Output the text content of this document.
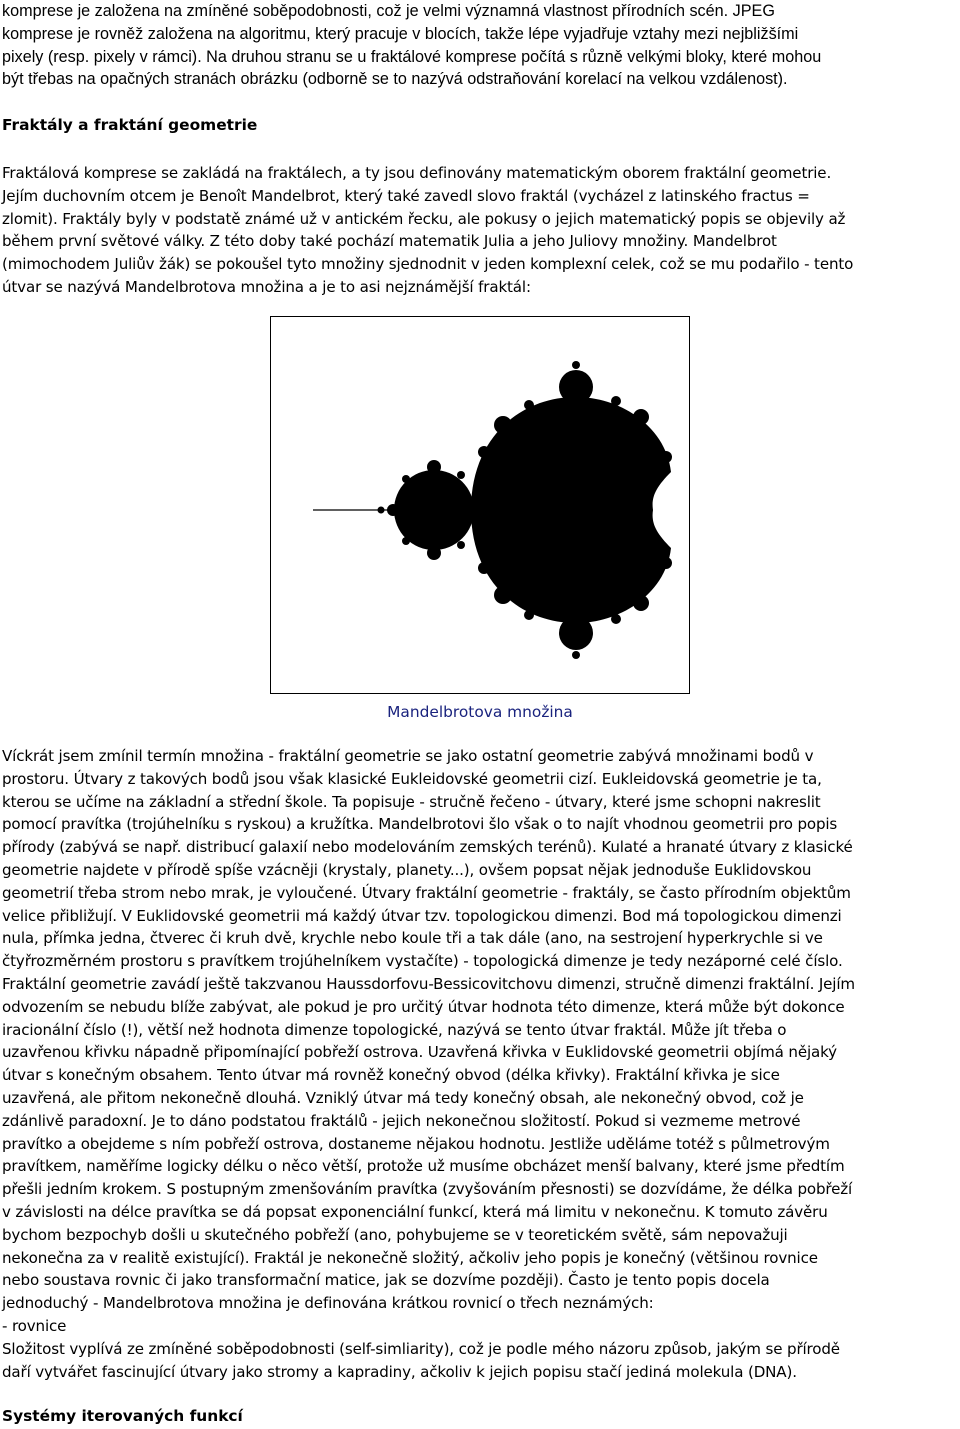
komprese je založena na zmíněné soběpodobnosti, což je velmi významná vlastnost přírodních scén. JPEG
komprese je rovněž založena na algoritmu, který pracuje v blocích, takže lépe vyjadřuje vztahy mezi nejbližšími
pixely (resp. pixely v rámci). Na druhou stranu se u fraktálové komprese počítá s různě velkými bloky, které mohou
být třebas na opačných stranách obrázku (odborně se to nazývá odstraňování korelací na velkou vzdálenost).

Fraktály a fraktání geometrie

Fraktálová komprese se zakládá na fraktálech, a ty jsou definovány matematickým oborem fraktální geometrie.
Jejím duchovním otcem je Benoît Mandelbrot, který také zavedl slovo fraktál (vycházel z latinského fractus =
zlomit). Fraktály byly v podstatě známé už v antickém řecku, ale pokusy o jejich matematický popis se objevily až
během první světové války. Z této doby také pochází matematik Julia a jeho Juliovy množiny. Mandelbrot
(mimochodem Juliův žák) se pokoušel tyto množiny sjednodnit v jeden komplexní celek, což se mu podařilo - tento
útvar se nazývá Mandelbrotova množina a je to asi nejznámější fraktál:

Mandelbrotova množina

Víckrát jsem zmínil termín množina - fraktální geometrie se jako ostatní geometrie zabývá množinami bodů v
prostoru. Útvary z takových bodů jsou však klasické Eukleidovské geometrii cizí. Eukleidovská geometrie je ta,
kterou se učíme na základní a střední škole. Ta popisuje - stručně řečeno - útvary, které jsme schopni nakreslit
pomocí pravítka (trojúhelníku s ryskou) a kružítka. Mandelbrotovi šlo však o to najít vhodnou geometrii pro popis
přírody (zabývá se např. distribucí galaxií nebo modelováním zemských terénů). Kulaté a hranaté útvary z klasické
geometrie najdete v přírodě spíše vzácněji (krystaly, planety...), ovšem popsat nějak jednoduše Euklidovskou
geometrií třeba strom nebo mrak, je vyloučené. Útvary fraktální geometrie - fraktály, se často přírodním objektům
velice přibližují. V Euklidovské geometrii má každý útvar tzv. topologickou dimenzi. Bod má topologickou dimenzi
nula, přímka jedna, čtverec či kruh dvě, krychle nebo koule tři a tak dále (ano, na sestrojení hyperkrychle si ve
čtyřrozměrném prostoru s pravítkem trojúhelníkem vystačíte) - topologická dimenze je tedy nezáporné celé číslo.
Fraktální geometrie zavádí ještě takzvanou Haussdorfovu-Bessicovitchovu dimenzi, stručně dimenzi fraktální. Jejím
odvozením se nebudu blíže zabývat, ale pokud je pro určitý útvar hodnota této dimenze, která může být dokonce
iracionální číslo (!), větší než hodnota dimenze topologické, nazývá se tento útvar fraktál. Může jít třeba o
uzavřenou křivku nápadně připomínající pobřeží ostrova. Uzavřená křivka v Euklidovské geometrii objímá nějaký
útvar s konečným obsahem. Tento útvar má rovněž konečný obvod (délka křivky). Fraktální křivka je sice
uzavřená, ale přitom nekonečně dlouhá. Vzniklý útvar má tedy konečný obsah, ale nekonečný obvod, což je
zdánlivě paradoxní. Je to dáno podstatou fraktálů - jejich nekonečnou složitostí. Pokud si vezmeme metrové
pravítko a obejdeme s ním pobřeží ostrova, dostaneme nějakou hodnotu. Jestliže uděláme totéž s půlmetrovým
pravítkem, naměříme logicky délku o něco větší, protože už musíme obcházet menší balvany, které jsme předtím
přešli jedním krokem. S postupným zmenšováním pravítka (zvyšováním přesnosti) se dozvídáme, že délka pobřeží
v závislosti na délce pravítka se dá popsat exponenciální funkcí, která má limitu v nekonečnu. K tomuto závěru
bychom bezpochyb došli u skutečného pobřeží (ano, pohybujeme se v teoretickém světě, sám nepovažuji
nekonečna za v realitě existující). Fraktál je nekonečně složitý, ačkoliv jeho popis je konečný (většinou rovnice
nebo soustava rovnic či jako transformační matice, jak se dozvíme později). Často je tento popis docela
jednoduchý - Mandelbrotova množina je definována krátkou rovnicí o třech neznámých:
- rovnice
Složitost vyplívá ze zmíněné soběpodobnosti (self-simliarity), což je podle mého názoru způsob, jakým se přírodě
daří vytvářet fascinující útvary jako stromy a kapradiny, ačkoliv k jejich popisu stačí jediná molekula (DNA).

Systémy iterovaných funkcí
